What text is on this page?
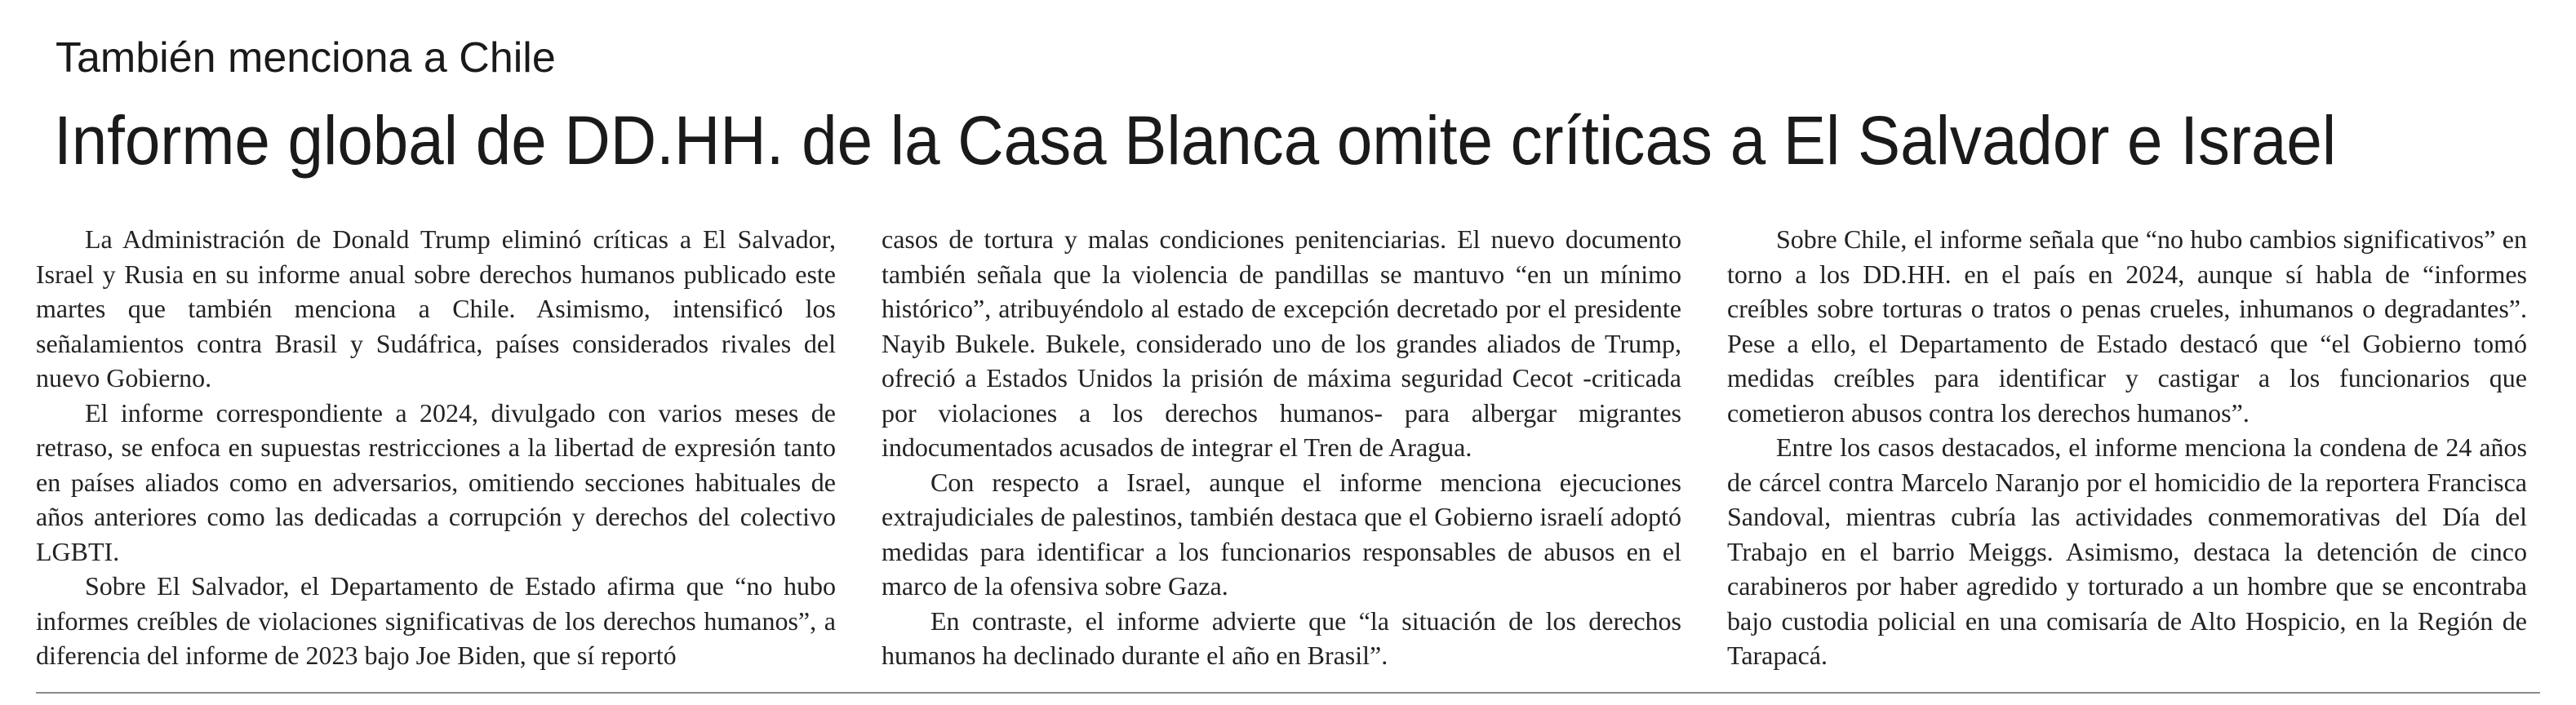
También menciona a Chile
Informe global de DD.HH. de la Casa Blanca omite críticas a El Salvador e Israel

La Administración de Donald Trump eliminó críticas a El Salvador, Israel y Rusia en su informe anual sobre derechos humanos publicado este martes que también menciona a Chile. Asimismo, intensificó los señalamientos contra Brasil y Sudáfrica, países considerados rivales del nuevo Gobierno.

El informe correspondiente a 2024, divulgado con varios meses de retraso, se enfoca en supuestas restricciones a la libertad de expresión tanto en países aliados como en adversarios, omitiendo secciones habituales de años anteriores como las dedicadas a corrupción y derechos del colectivo LGBTI.

Sobre El Salvador, el Departamento de Estado afirma que “no hubo informes creíbles de violaciones significativas de los derechos humanos”, a diferencia del informe de 2023 bajo Joe Biden, que sí reportó

casos de tortura y malas condiciones penitenciarias. El nuevo documento también señala que la violencia de pandillas se mantuvo “en un mínimo histórico”, atribuyéndolo al estado de excepción decretado por el presidente Nayib Bukele. Bukele, considerado uno de los grandes aliados de Trump, ofreció a Estados Unidos la prisión de máxima seguridad Cecot -criticada por violaciones a los derechos humanos- para albergar migrantes indocumentados acusados de integrar el Tren de Aragua.

Con respecto a Israel, aunque el informe menciona ejecuciones extrajudiciales de palestinos, también destaca que el Gobierno israelí adoptó medidas para identificar a los funcionarios responsables de abusos en el marco de la ofensiva sobre Gaza.

En contraste, el informe advierte que “la situación de los derechos humanos ha declinado durante el año en Brasil”.

Sobre Chile, el informe señala que “no hubo cambios significativos” en torno a los DD.HH. en el país en 2024, aunque sí habla de “informes creíbles sobre torturas o tratos o penas crueles, inhumanos o degradantes”. Pese a ello, el Departamento de Estado destacó que “el Gobierno tomó medidas creíbles para identificar y castigar a los funcionarios que cometieron abusos contra los derechos humanos”.

Entre los casos destacados, el informe menciona la condena de 24 años de cárcel contra Marcelo Naranjo por el homicidio de la reportera Francisca Sandoval, mientras cubría las actividades conmemorativas del Día del Trabajo en el barrio Meiggs. Asimismo, destaca la detención de cinco carabineros por haber agredido y torturado a un hombre que se encontraba bajo custodia policial en una comisaría de Alto Hospicio, en la Región de Tarapacá.
